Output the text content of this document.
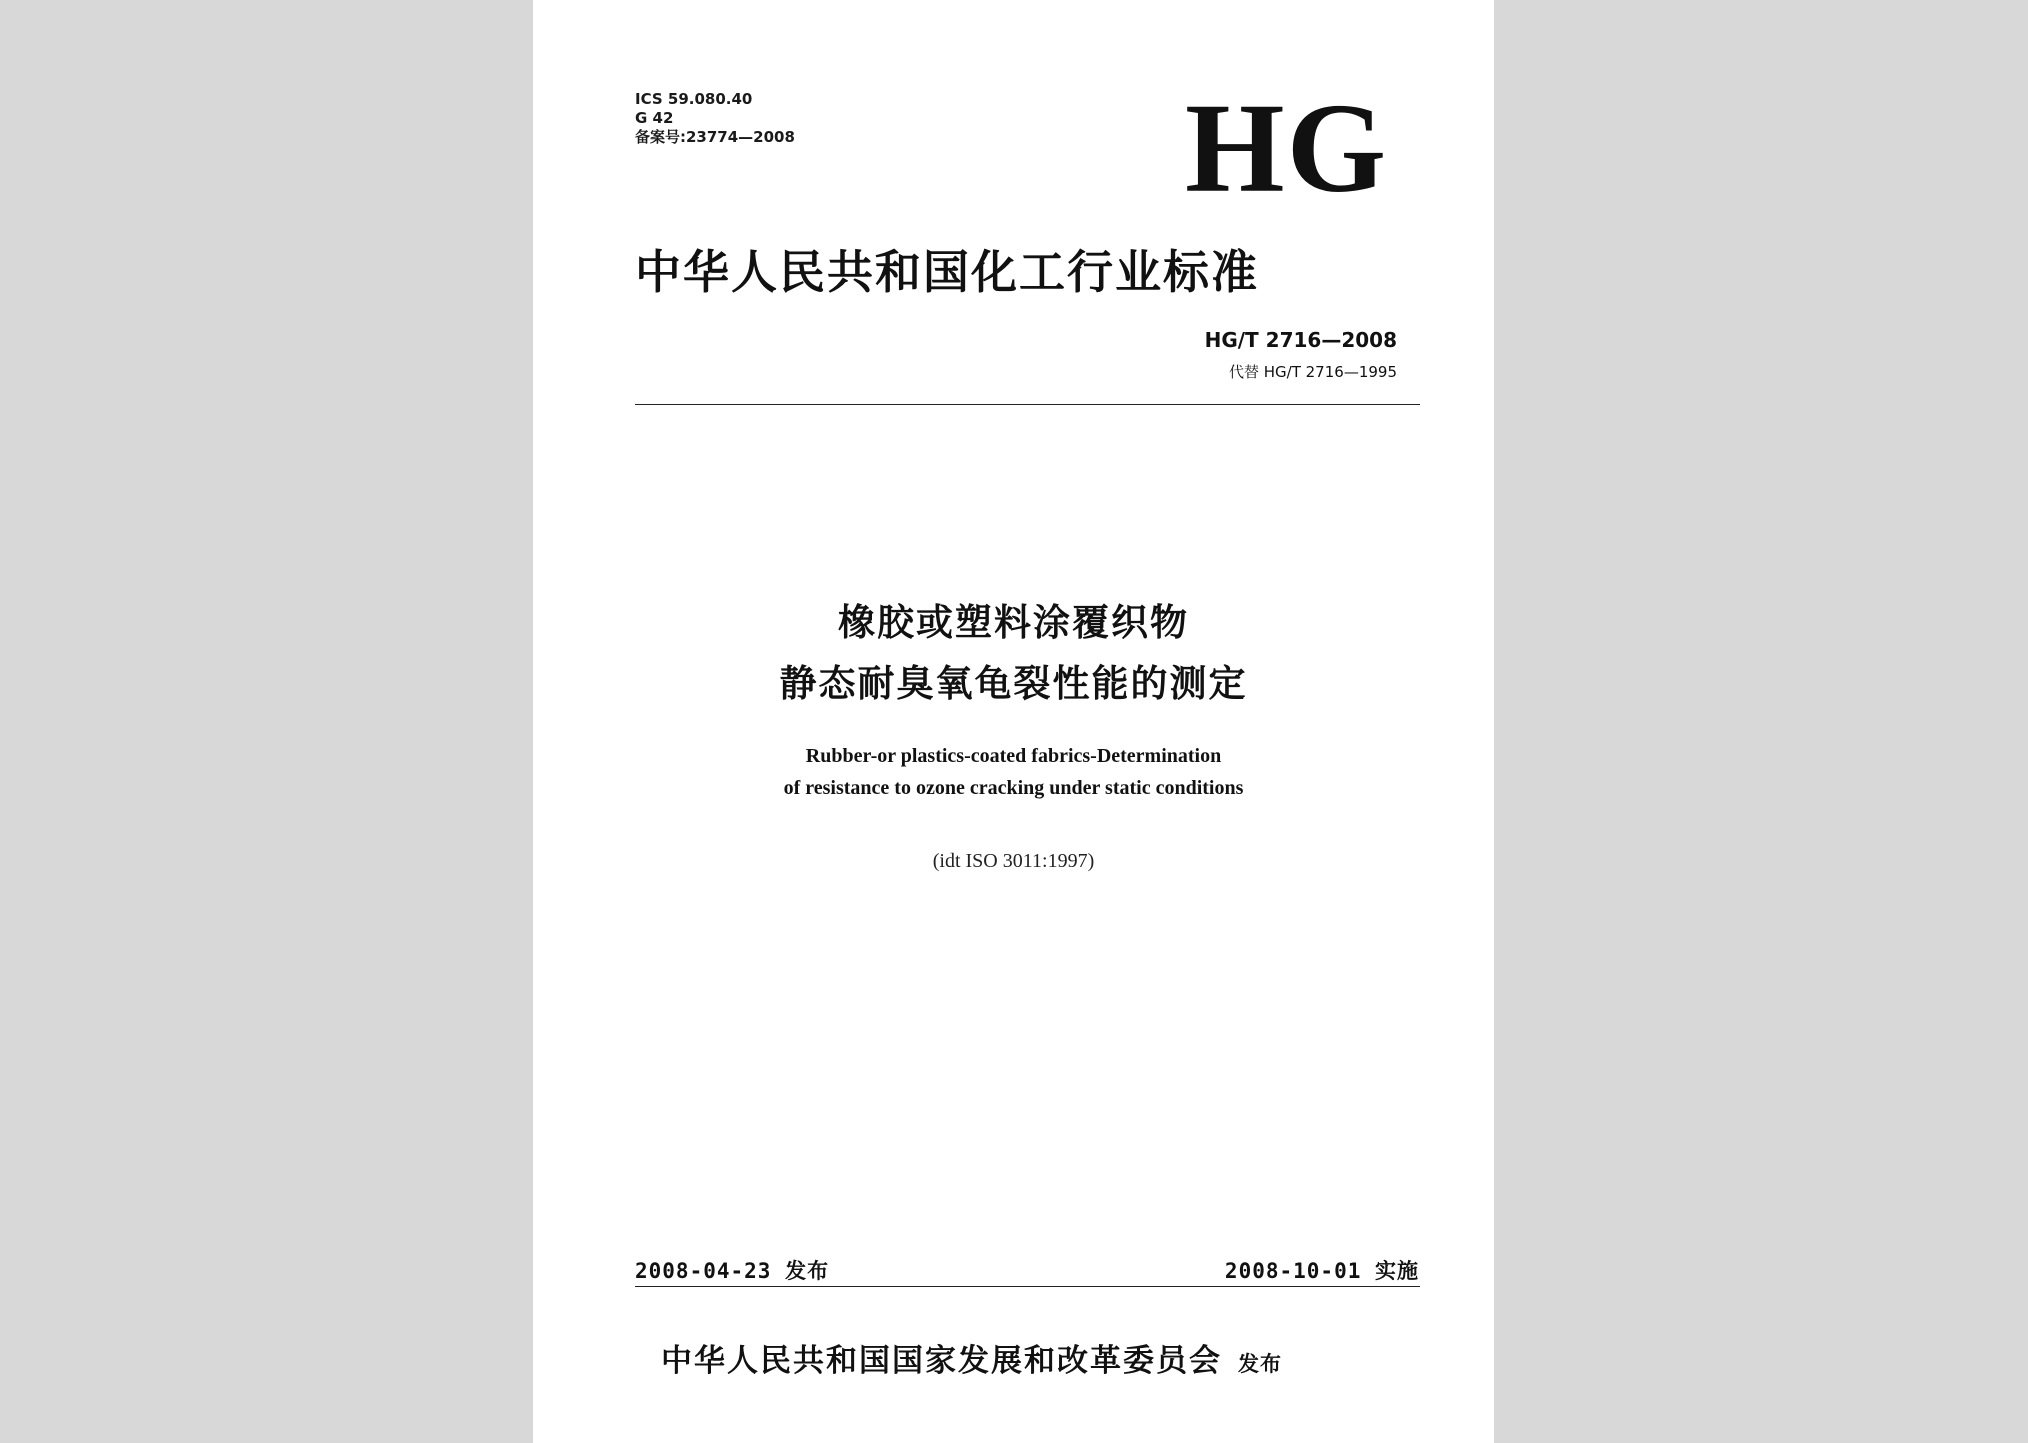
ICS 59.080.40
G 42
备案号:23774—2008	HG
中华人民共和国化工行业标准
HG/T 2716—2008
代替 HG/T 2716—1995
橡胶或塑料涂覆织物
静态耐臭氧龟裂性能的测定
Rubber-or plastics-coated fabrics-Determination
of resistance to ozone cracking under static conditions
(idt ISO 3011:1997)
2008-04-23 发布	2008-10-01 实施
中华人民共和国国家发展和改革委员会 发布
